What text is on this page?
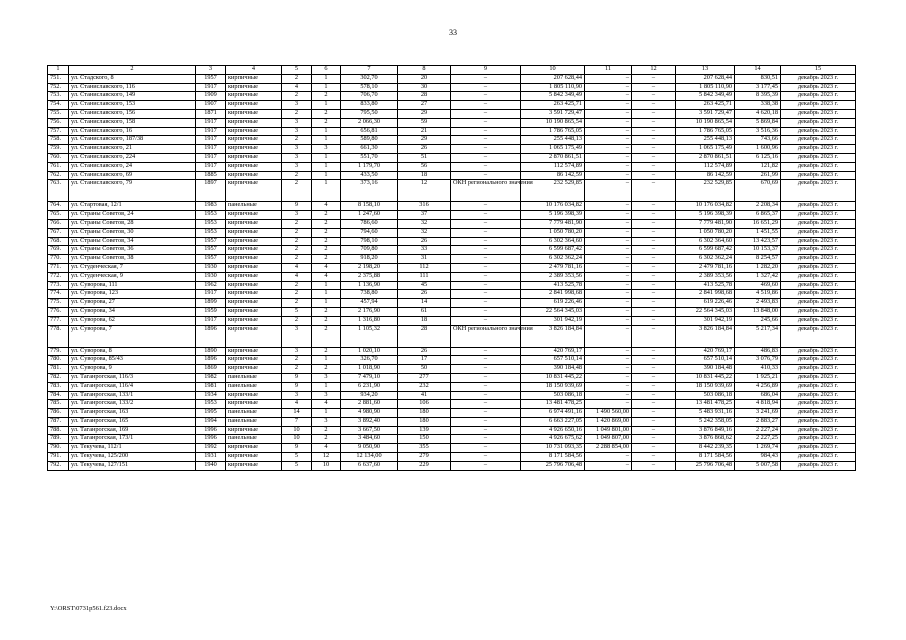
33
1	2	3	4	5	6	7	8	9	10	11	12	13	14	15
751.	ул. Стадского, 8	1957	кирпичные	2	1	302,70	20	–	207 628,44	–	–	207 628,44	830,51	декабрь 2023 г.
752.	ул. Станиславского, 116	1917	кирпичные	4	1	578,10	30	–	1 805 110,90	–	–	1 805 110,90	3 177,45	декабрь 2023 г.
753.	ул. Станиславского, 149	1909	кирпичные	2	2	706,70	28	–	5 842 349,49	–	–	5 842 349,49	8 395,39	декабрь 2023 г.
754.	ул. Станиславского, 153	1907	кирпичные	3	1	833,80	27	–	263 425,71	–	–	263 425,71	338,38	декабрь 2023 г.
755.	ул. Станиславского, 156	1871	кирпичные	2	2	795,50	29	–	3 591 729,47	–	–	3 591 729,47	4 620,18	декабрь 2023 г.
756.	ул. Станиславского, 158	1917	кирпичные	3	2	2 066,30	59	–	10 190 865,54	–	–	10 190 865,54	5 869,84	декабрь 2023 г.
757.	ул. Станиславского, 16	1917	кирпичные	3	1	656,81	21	–	1 786 765,05	–	–	1 786 765,05	3 516,36	декабрь 2023 г.
758.	ул. Станиславского, 187/38	1917	кирпичные	2	1	589,80	29	–	255 448,13	–	–	255 448,13	743,66	декабрь 2023 г.
759.	ул. Станиславского, 21	1917	кирпичные	3	3	661,30	26	–	1 065 175,49	–	–	1 065 175,49	1 600,96	декабрь 2023 г.
760.	ул. Станиславского, 224	1917	кирпичные	3	1	551,70	51	–	2 870 861,51	–	–	2 870 861,51	6 125,16	декабрь 2023 г.
761.	ул. Станиславского, 24	1917	кирпичные	3	1	1 179,70	56	–	112 574,89	–	–	112 574,89	121,82	декабрь 2023 г.
762.	ул. Станиславского, 69	1885	кирпичные	2	1	433,50	18	–	86 142,59	–	–	86 142,59	261,99	декабрь 2023 г.
763.	ул. Станиславского, 79	1897	кирпичные	2	1	373,16	12	ОКН регионального значения	232 529,85	–	–	232 529,85	670,69	декабрь 2023 г.
764.	ул. Стартовая, 12/1	1983	панельные	9	4	8 158,10	316	–	10 176 034,82	–	–	10 176 034,82	2 208,34	декабрь 2023 г.
765.	ул. Страны Советов, 24	1953	кирпичные	3	2	1 247,60	37	–	5 196 398,39	–	–	5 196 398,39	6 865,37	декабрь 2023 г.
766.	ул. Страны Советов, 28	1953	кирпичные	2	2	786,60	32	–	7 779 481,90	–	–	7 779 481,90	16 651,29	декабрь 2023 г.
767.	ул. Страны Советов, 30	1953	кирпичные	2	2	794,60	32	–	1 050 780,20	–	–	1 050 780,20	1 451,55	декабрь 2023 г.
768.	ул. Страны Советов, 34	1957	кирпичные	2	2	798,10	26	–	6 302 364,60	–	–	6 302 364,60	13 423,57	декабрь 2023 г.
769.	ул. Страны Советов, 36	1957	кирпичные	2	2	709,80	33	–	6 599 687,42	–	–	6 599 687,42	10 153,37	декабрь 2023 г.
770.	ул. Страны Советов, 38	1957	кирпичные	2	2	918,20	31	–	6 302 362,24	–	–	6 302 362,24	8 254,57	декабрь 2023 г.
771.	ул. Студенческая, 7	1930	кирпичные	4	4	2 198,20	112	–	2 479 781,16	–	–	2 479 781,16	1 282,20	декабрь 2023 г.
772.	ул. Студенческая, 9	1930	кирпичные	4	4	2 375,88	111	–	2 389 353,56	–	–	2 389 353,56	1 327,42	декабрь 2023 г.
773.	ул. Суворова, 111	1962	кирпичные	2	1	1 136,90	45	–	413 525,78	–	–	413 525,78	469,60	декабрь 2023 г.
774.	ул. Суворова, 123	1917	кирпичные	2	1	738,80	26	–	2 841 998,68	–	–	2 841 998,68	4 519,86	декабрь 2023 г.
775.	ул. Суворова, 27	1899	кирпичные	2	1	457,94	14	–	619 226,46	–	–	619 226,46	2 493,83	декабрь 2023 г.
776.	ул. Суворова, 34	1959	кирпичные	5	2	2 176,90	61	–	22 564 345,03	–	–	22 564 345,03	13 848,00	декабрь 2023 г.
777.	ул. Суворова, 62	1917	кирпичные	2	2	1 316,80	18	–	301 942,19	–	–	301 942,19	245,66	декабрь 2023 г.
778.	ул. Суворова, 7	1896	кирпичные	3	2	1 105,32	28	ОКН регионального значения	3 826 184,84	–	–	3 826 184,84	5 217,34	декабрь 2023 г.
779.	ул. Суворова, 8	1890	кирпичные	3	2	1 020,10	26	–	420 769,17	–	–	420 769,17	486,83	декабрь 2023 г.
780.	ул. Суворова, 85/43	1896	кирпичные	2	1	326,70	17	–	657 510,14	–	–	657 510,14	3 076,79	декабрь 2023 г.
781.	ул. Суворова, 9	1869	кирпичные	2	2	1 018,90	50	–	390 184,48	–	–	390 184,48	410,33	декабрь 2023 г.
782.	ул. Таганрогская, 116/3	1982	панельные	9	3	7 479,10	277	–	10 831 445,22	–	–	10 831 445,22	1 925,21	декабрь 2023 г.
783.	ул. Таганрогская, 116/4	1981	панельные	9	1	6 231,90	232	–	18 150 939,69	–	–	18 150 939,69	4 256,89	декабрь 2023 г.
784.	ул. Таганрогская, 133/1	1934	кирпичные	3	3	934,20	41	–	503 086,18	–	–	503 086,18	686,04	декабрь 2023 г.
785.	ул. Таганрогская, 133/2	1953	кирпичные	4	4	2 881,60	106	–	13 481 478,25	–	–	13 481 478,25	4 818,94	декабрь 2023 г.
786.	ул. Таганрогская, 163	1995	панельные	14	1	4 980,90	180	–	6 974 491,16	1 490 560,00	–	5 483 931,16	3 241,69	декабрь 2023 г.
787.	ул. Таганрогская, 165	1994	панельные	7	3	3 892,40	180	–	6 663 227,05	1 420 869,00	–	5 242 358,05	2 883,27	декабрь 2023 г.
788.	ул. Таганрогская, 169	1996	кирпичные	10	2	3 667,50	139	–	4 926 650,16	1 049 801,00	–	3 876 849,16	2 227,24	декабрь 2023 г.
789.	ул. Таганрогская, 173/1	1996	панельные	10	2	3 484,60	150	–	4 926 675,62	1 049 807,00	–	3 876 868,62	2 227,25	декабрь 2023 г.
790.	ул. Текучева, 112/1	1992	кирпичные	9	4	9 050,90	355	–	10 731 093,35	2 288 854,00	–	8 442 239,35	1 269,74	декабрь 2023 г.
791.	ул. Текучева, 125/200	1931	кирпичные	5	12	12 134,00	279	–	8 171 584,56	–	–	8 171 584,56	984,43	декабрь 2023 г.
792.	ул. Текучева, 127/151	1940	кирпичные	5	10	6 637,60	229	–	25 796 706,48	–	–	25 796 706,48	5 007,58	декабрь 2023 г.
Y:\ORST\0731p561.f23.docx
